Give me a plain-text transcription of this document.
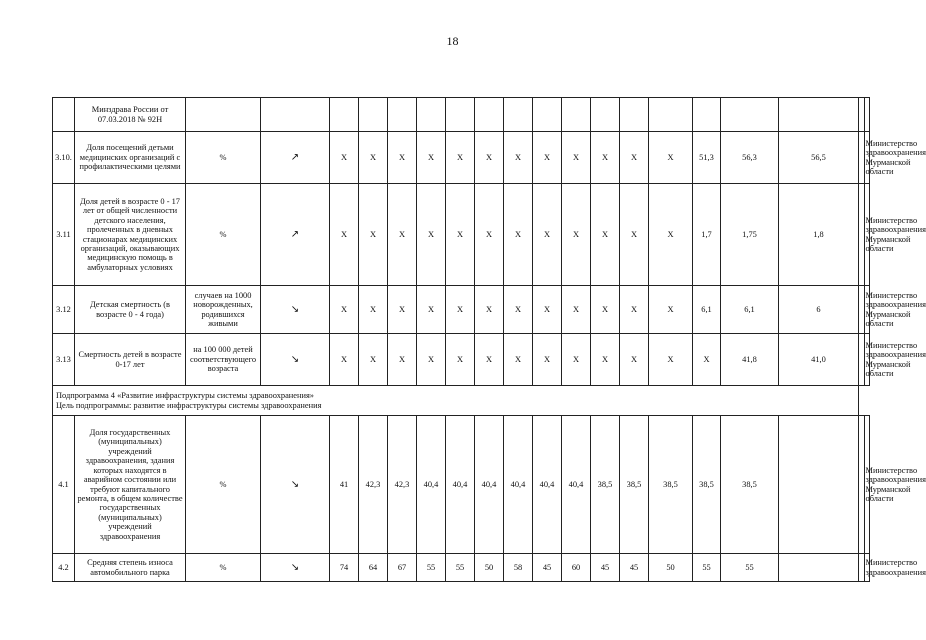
18
	Минздрава России от 07.03.2018 № 92Н																			
3.10.	Доля посещений детьми медицинских организаций с профилактическими целями	%	↗	X	X	X	X	X	X	X	X	X	X	X	X	51,3	56,3	56,5		Министерство здравоохранения Мурманской области
3.11	Доля детей в возрасте 0 - 17 лет от общей численности детского населения, пролеченных в дневных стационарах медицинских организаций, оказывающих медицинскую помощь в амбулаторных условиях	%	↗	X	X	X	X	X	X	X	X	X	X	X	X	1,7	1,75	1,8		Министерство здравоохранения Мурманской области
3.12	Детская смертность (в возрасте 0 - 4 года)	случаев на 1000 новорожденных, родившихся живыми	↘	X	X	X	X	X	X	X	X	X	X	X	X	6,1	6,1	6		Министерство здравоохранения Мурманской области
3.13	Смертность детей в возрасте 0-17 лет	на 100 000 детей соответствующего возраста	↘	X	X	X	X	X	X	X	X	X	X	X	X	X	41,8	41,0		Министерство здравоохранения Мурманской области

Подпрограмма 4 «Развитие инфраструктуры системы здравоохранения»
Цель подпрограммы: развитие инфраструктуры системы здравоохранения																				

4.1	Доля государственных (муниципальных) учреждений здравоохранения, здания которых находятся в аварийном состоянии или требуют капитального ремонта, в общем количестве государственных (муниципальных) учреждений здравоохранения	%	↘	41	42,3	42,3	40,4	40,4	40,4	40,4	40,4	40,4	38,5	38,5	38,5	38,5	38,5			Министерство здравоохранения Мурманской области
4.2	Средняя степень износа автомобильного парка	%	↘	74	64	67	55	55	50	58	45	60	45	45	50	55	55			Министерство здравоохранения
